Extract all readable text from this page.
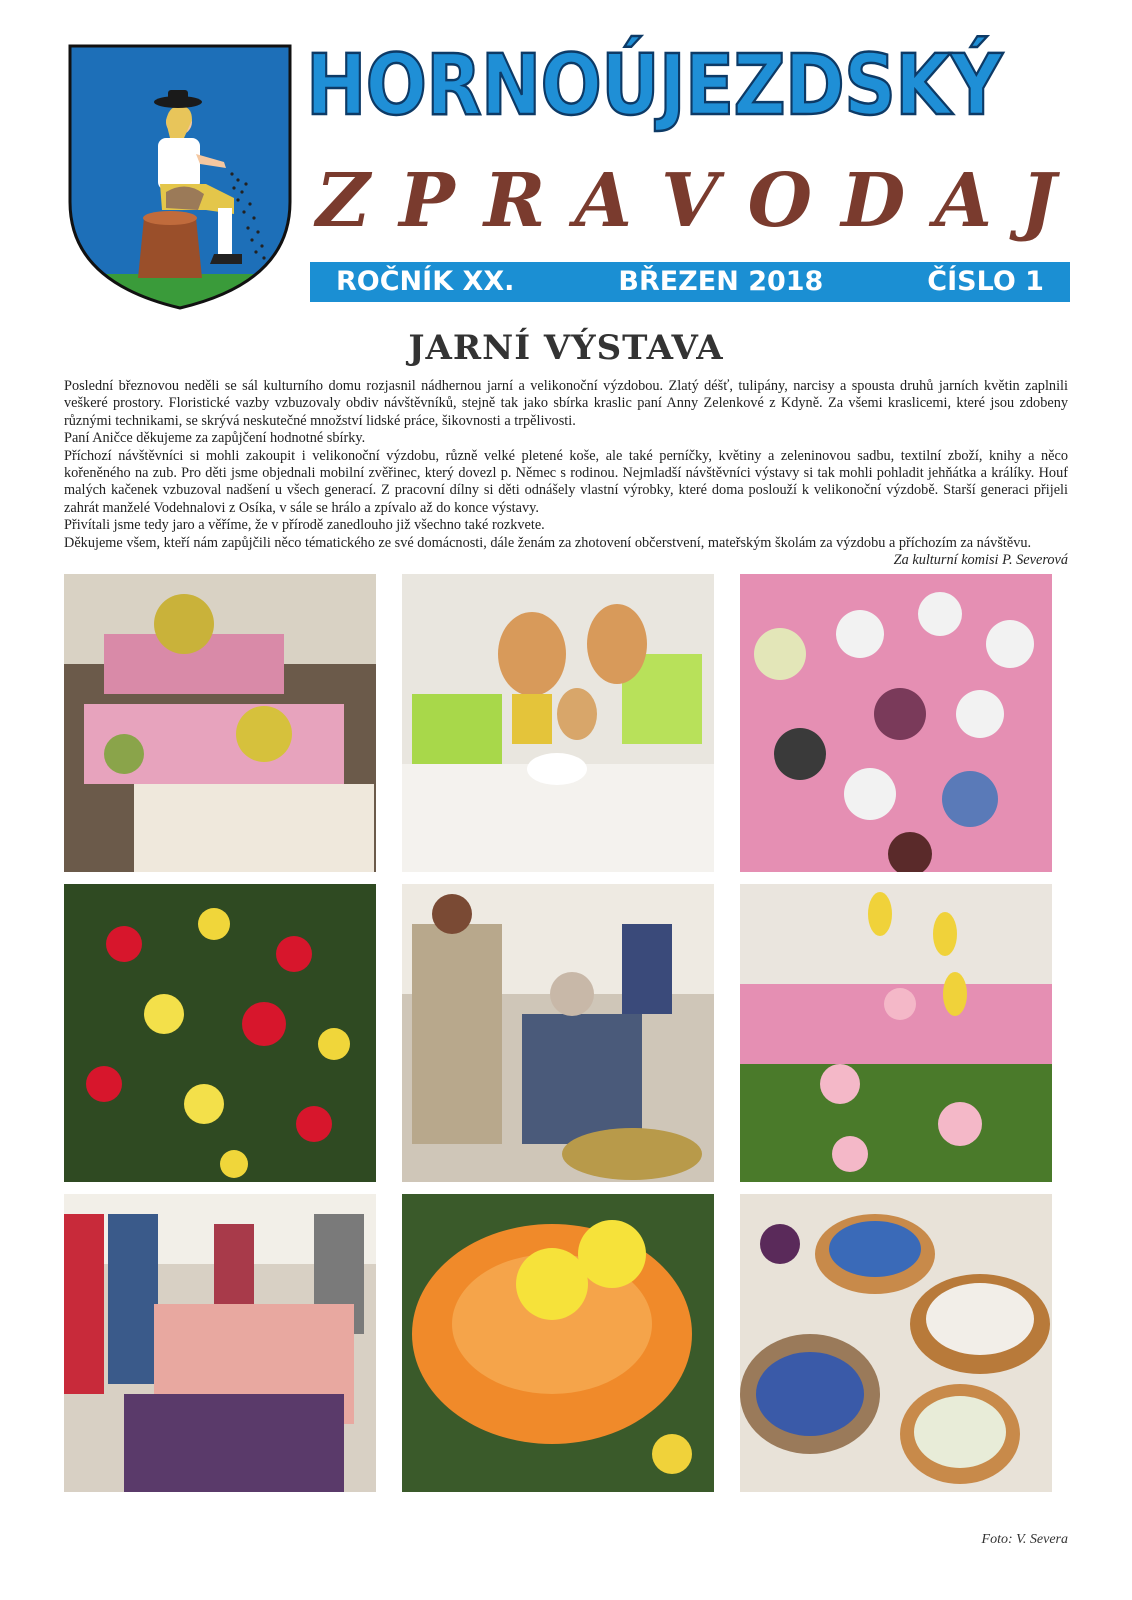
HORNOÚJEZDSKÝ
Z P R A V O D A J
ROČNÍK XX.	BŘEZEN 2018	ČÍSLO 1
JARNÍ VÝSTAVA

Poslední březnovou neděli se sál kulturního domu rozjasnil nádhernou jarní a velikonoční výzdobou. Zlatý déšť, tulipány, narcisy a spousta druhů jarních květin zaplnili veškeré prostory. Floristické vazby vzbuzovaly obdiv návštěvníků, stejně tak jako sbírka kraslic paní Anny Zelenkové z Kdyně. Za všemi kraslicemi, které jsou zdobeny různými technikami, se skrývá neskutečné množství lidské práce, šikovnosti a trpělivosti.

Paní Aničce děkujeme za zapůjčení hodnotné sbírky.

Příchozí návštěvníci si mohli zakoupit i velikonoční výzdobu, různě velké pletené koše, ale také perníčky, květiny a zeleninovou sadbu, textilní zboží, knihy a něco kořeněného na zub. Pro děti jsme objednali mobilní zvěřinec, který dovezl p. Němec s rodinou. Nejmladší návštěvníci výstavy si tak mohli pohladit jehňátka a králíky. Houf malých kačenek vzbuzoval nadšení u všech generací. Z pracovní dílny si děti odnášely vlastní výrobky, které doma poslouží k velikonoční výzdobě. Starší generaci přijeli zahrát manželé Vodehnalovi z Osíka, v sále se hrálo a zpívalo až do konce výstavy.

Přivítali jsme tedy jaro a věříme, že v přírodě zanedlouho již všechno také rozkvete.

Děkujeme všem, kteří nám zapůjčili něco tématického ze své domácnosti, dále ženám za zhotovení občerstvení, mateřským školám za výzdobu a příchozím za návštěvu.

Za kulturní komisi P. Severová
Foto: V. Severa
